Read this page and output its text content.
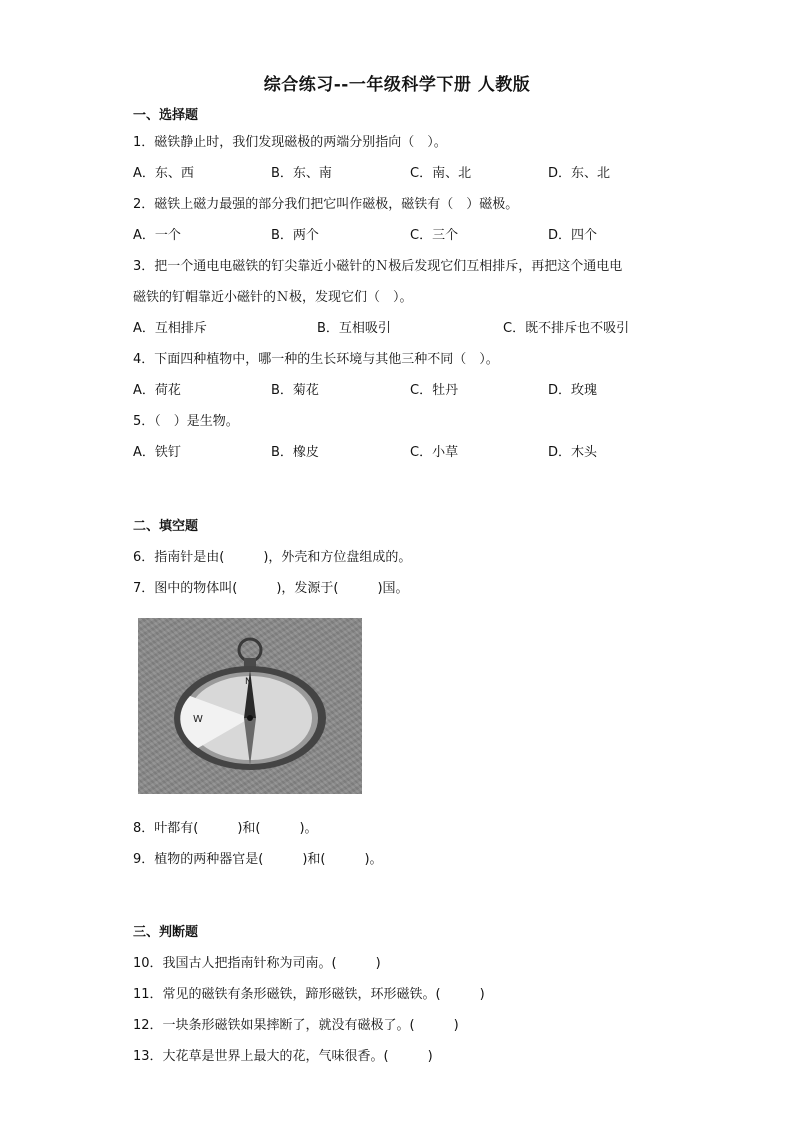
综合练习--一年级科学下册 人教版
一、选择题
1．磁铁静止时，我们发现磁极的两端分别指向（　）。
A．东、西	B．东、南	C．南、北	D．东、北
2．磁铁上磁力最强的部分我们把它叫作磁极，磁铁有（　）磁极。
A．一个	B．两个	C．三个	D．四个
3．把一个通电电磁铁的钉尖靠近小磁针的Ｎ极后发现它们互相排斥，再把这个通电电
磁铁的钉帽靠近小磁针的Ｎ极，发现它们（　）。
A．互相排斥	B．互相吸引	C．既不排斥也不吸引
4．下面四种植物中，哪一种的生长环境与其他三种不同（　）。
A．荷花	B．菊花	C．牡丹	D．玫瑰
5．（　）是生物。
A．铁钉	B．橡皮	C．小草	D．木头
二、填空题
6．指南针是由(　　　)，外壳和方位盘组成的。
7．图中的物体叫(　　　)，发源于(　　　)国。
N
W
8．叶都有(　　　)和(　　　)。
9．植物的两种器官是(　　　)和(　　　)。
三、判断题
10．我国古人把指南针称为司南。(　　　)
11．常见的磁铁有条形磁铁，蹄形磁铁，环形磁铁。(　　　)
12．一块条形磁铁如果摔断了，就没有磁极了。(　　　)
13．大花草是世界上最大的花，气味很香。(　　　)
